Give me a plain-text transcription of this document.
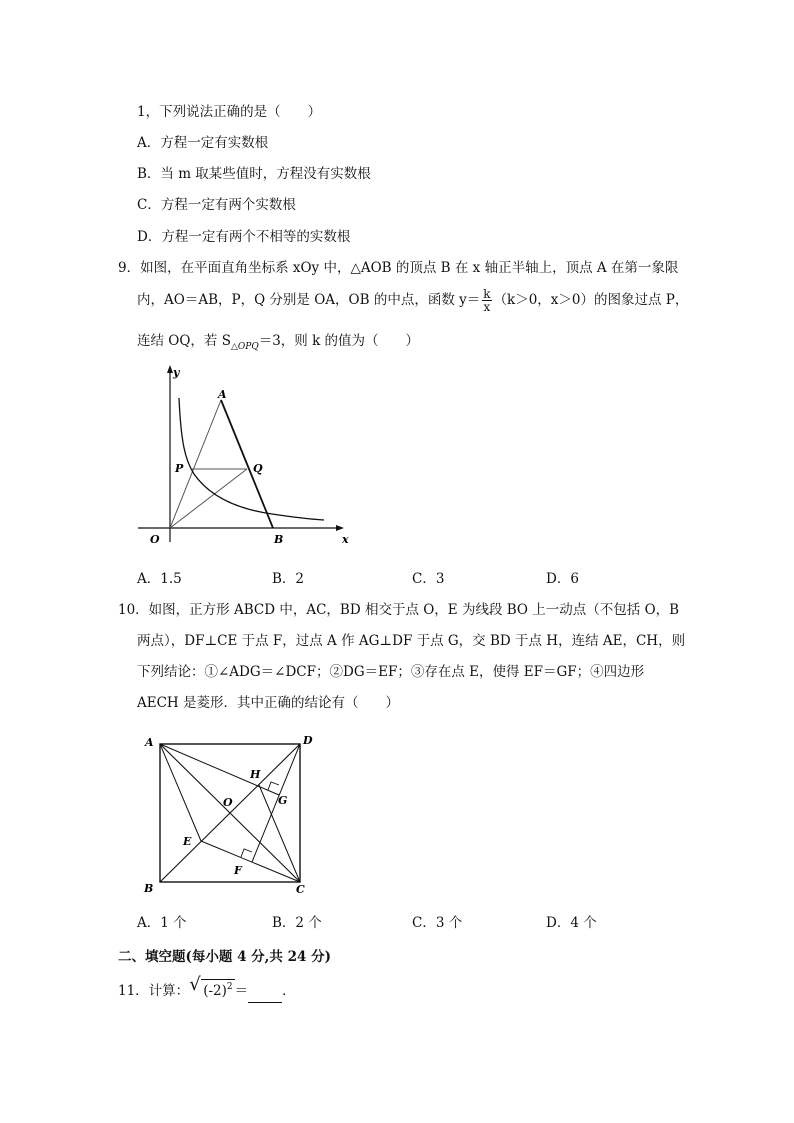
1，下列说法正确的是（　　）
A．方程一定有实数根
B．当 m 取某些值时，方程没有实数根
C．方程一定有两个实数根
D．方程一定有两个不相等的实数根
9．如图，在平面直角坐标系 xOy 中，△AOB 的顶点 B 在 x 轴正半轴上，顶点 A 在第一象限
内，AO＝AB，P，Q 分别是 OA，OB 的中点，函数 $y= \frac{k}{x} (k>0$，x＞0）的图象过点 P，
连结 OQ，若 $S_{\triangle OPQ}=3$，则 k 的值为（　　）
y
A
P	Q
O	B	x
A．1.5	B．2	C．3	D．6
10．如图，正方形 ABCD 中，AC，BD 相交于点 O，E 为线段 BO 上一动点（不包括 O，B
两点），DF⊥CE 于点 F，过点 A 作 AG⊥DF 于点 G，交 BD 于点 H，连结 AE，CH，则
下列结论：①∠ADG＝∠DCF；②DG＝EF；③存在点 E，使得 EF＝GF；④四边形
AECH 是菱形．其中正确的结论有（　　）
A	D
H
G
O
E
F
B	C
A．1 个	B．2 个	C．3 个	D．4 个
二、填空题(每小题 4 分,共 24 分)
11．计算： √ $(-2)^2$ ＝	．
